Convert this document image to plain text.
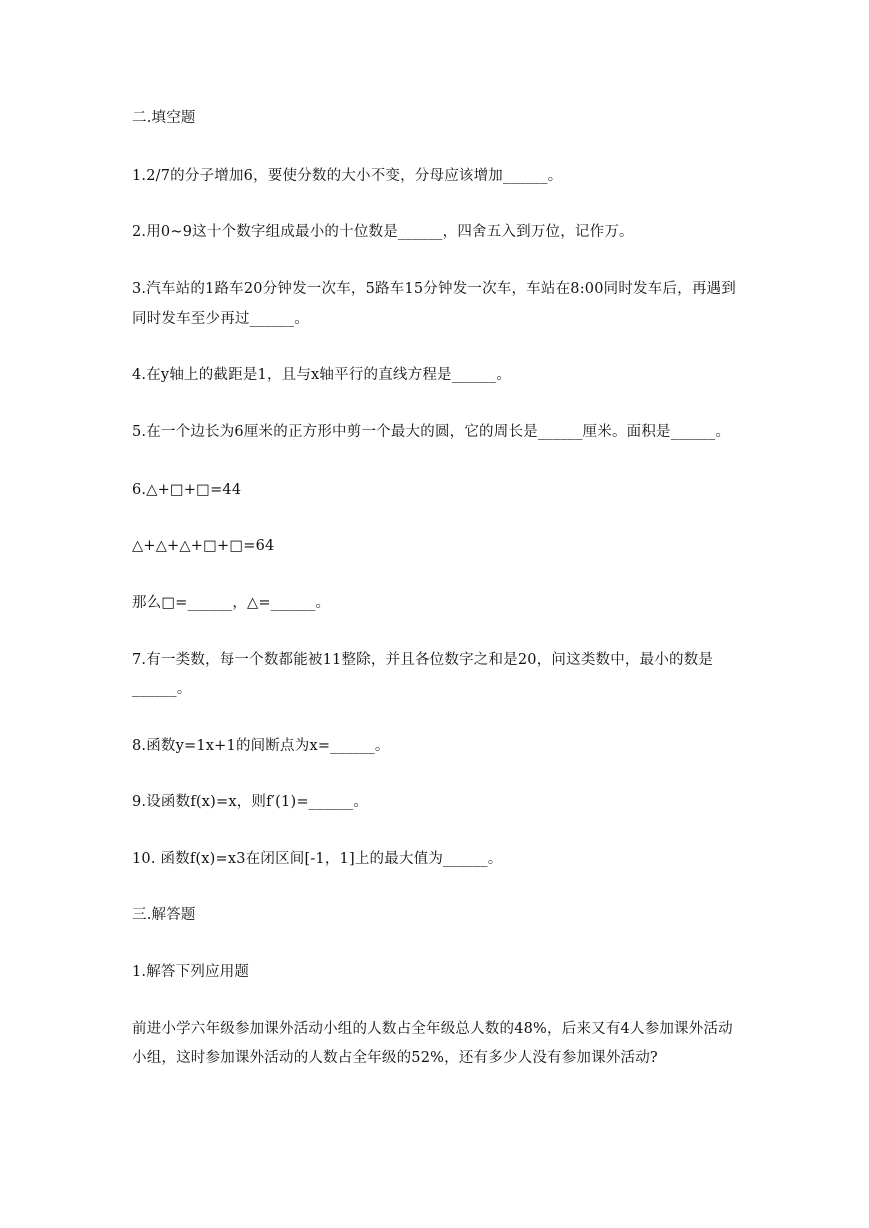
二.填空题
1.2/7的分子增加6，要使分数的大小不变，分母应该增加______。
2.用0~9这十个数字组成最小的十位数是______，四舍五入到万位，记作万。
3.汽车站的1路车20分钟发一次车，5路车15分钟发一次车，车站在8:00同时发车后，再遇到
同时发车至少再过______。
4.在y轴上的截距是1，且与x轴平行的直线方程是______。
5.在一个边长为6厘米的正方形中剪一个最大的圆，它的周长是______厘米。面积是______。
6.△+□+□=44
△+△+△+□+□=64
那么□=______，△=______。
7.有一类数，每一个数都能被11整除，并且各位数字之和是20，问这类数中，最小的数是
______。
8.函数y=1x+1的间断点为x=______。
9.设函数f(x)=x，则f′(1)=______。
10. 函数f(x)=x3在闭区间[-1，1]上的最大值为______。
三.解答题
1.解答下列应用题
前进小学六年级参加课外活动小组的人数占全年级总人数的48%，后来又有4人参加课外活动
小组，这时参加课外活动的人数占全年级的52%，还有多少人没有参加课外活动?
